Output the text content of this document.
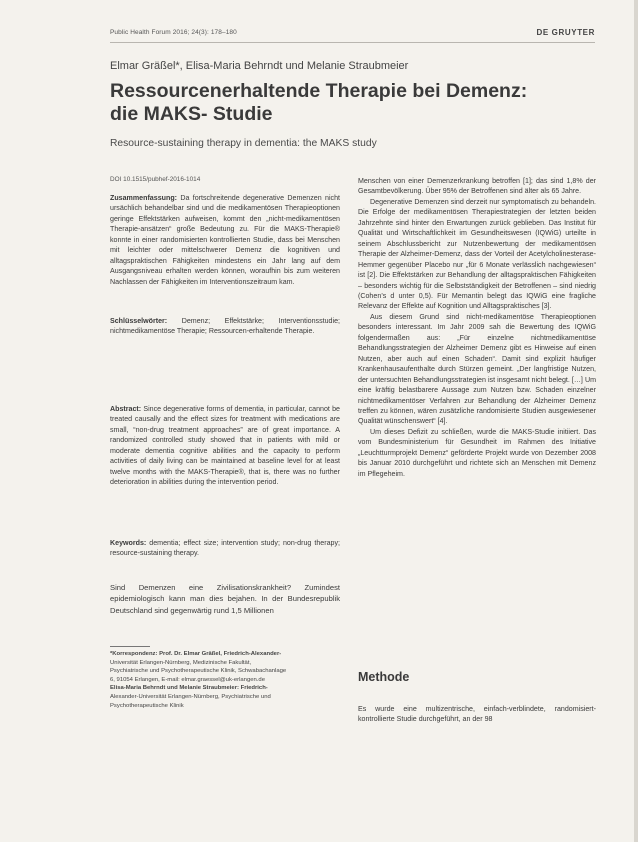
Public Health Forum 2016; 24(3): 178–180	DE GRUYTER
Elmar Gräßel*, Elisa-Maria Behrndt und Melanie Straubmeier
Ressourcenerhaltende Therapie bei Demenz:
die MAKS- Studie
Resource-sustaining therapy in dementia: the MAKS study
DOI 10.1515/pubhef-2016-1014

Zusammenfassung: Da fortschreitende degenerative Demenzen nicht ursächlich behandelbar sind und die medikamentösen Therapieoptionen geringe Effektstärken aufweisen, kommt den „nicht-medikamentösen Therapie-ansätzen“ große Bedeutung zu. Für die MAKS-Therapie® konnte in einer randomisierten kontrollierten Studie, dass bei Menschen mit leichter oder mittelschwerer Demenz die kognitiven und alltagspraktischen Fähigkeiten mindestens ein Jahr lang auf dem Ausgangsniveau erhalten werden können, woraufhin bis zum weiteren Nachlassen der Fähigkeiten im Interventionszeitraum kam.

Schlüsselwörter: Demenz; Effektstärke; Interventionsstudie; nichtmedikamentöse Therapie; Ressourcen-erhaltende Therapie.

Abstract: Since degenerative forms of dementia, in particular, cannot be treated causally and the effect sizes for treatment with medications are small, “non-drug treatment approaches” are of great importance. A randomized controlled study showed that in patients with mild or moderate dementia cognitive abilities and the capacity to perform activities of daily living can be maintained at baseline level for at least twelve months with the MAKS-Therapie®, that is, there was no further deterioration in abilities during the intervention period.

Keywords: dementia; effect size; intervention study; non-drug therapy; resource-sustaining therapy.

Sind Demenzen eine Zivilisationskrankheit? Zumindest epidemiologisch kann man dies bejahen. In der Bundesrepublik Deutschland sind gegenwärtig rund 1,5 Millionen

*Korrespondenz: Prof. Dr. Elmar Gräßel, Friedrich-Alexander-
Universität Erlangen-Nürnberg, Medizinische Fakultät,
Psychiatrische und Psychotherapeutische Klinik, Schwabachanlage
6, 91054 Erlangen, E-mail: elmar.graessel@uk-erlangen.de
Elisa-Maria Behrndt und Melanie Straubmeier: Friedrich-
Alexander-Universität Erlangen-Nürnberg, Psychiatrische und
Psychotherapeutische Klinik

Menschen von einer Demenzerkrankung betroffen [1]; das sind 1,8% der Gesamtbevölkerung. Über 95% der Betroffenen sind älter als 65 Jahre.

Degenerative Demenzen sind derzeit nur symptomatisch zu behandeln. Die Erfolge der medikamentösen Therapiestrategien der letzten beiden Jahrzehnte sind hinter den Erwartungen zurück geblieben. Das Institut für Qualität und Wirtschaftlichkeit im Gesundheitswesen (IQWiG) urteilte in seinem Abschlussbericht zur Nutzenbewertung der medikamentösen Therapie der Alzheimer-Demenz, dass der Vorteil der Acetylcholinesterase-Hemmer gegenüber Placebo nur „für 6 Monate verlässlich nachgewiesen“ ist [2]. Die Effektstärken zur Behandlung der alltagspraktischen Fähigkeiten – besonders wichtig für die Selbstständigkeit der Betroffenen – sind niedrig (Cohen’s d unter 0,5). Für Memantin belegt das IQWiG eine fragliche Relevanz der Effekte auf Kognition und Alltagspraktisches [3].

Aus diesem Grund sind nicht-medikamentöse Therapieoptionen besonders interessant. Im Jahr 2009 sah die Bewertung des IQWiG folgendermaßen aus: „Für einzelne nichtmedikamentöse Behandlungsstrategien der Alzheimer Demenz gibt es Hinweise auf einen Nutzen, aber auch auf einen Schaden“. Damit sind explizit häufiger Krankenhausaufenthalte durch Stürzen gemeint. „Der langfristige Nutzen, der untersuchten Behandlungsstrategien ist insgesamt nicht belegt. […] Um eine kräftig belastbarere Aussage zum Nutzen bzw. Schaden einzelner nichtmedikamentöser Verfahren zur Behandlung der Alzheimer Demenz treffen zu können, wären zusätzliche randomisierte Studien ausgewiesener Qualität wünschenswert“ [4].

Um dieses Defizit zu schließen, wurde die MAKS-Studie initiiert. Das vom Bundesministerium für Gesundheit im Rahmen des Initiative „Leuchtturmprojekt Demenz“ geförderte Projekt wurde von Dezember 2008 bis Januar 2010 durchgeführt und richtete sich an Menschen mit Demenz im Pflegeheim.

Methode

Es wurde eine multizentrische, einfach-verblindete, randomisiert-kontrollierte Studie durchgeführt, an der 98
